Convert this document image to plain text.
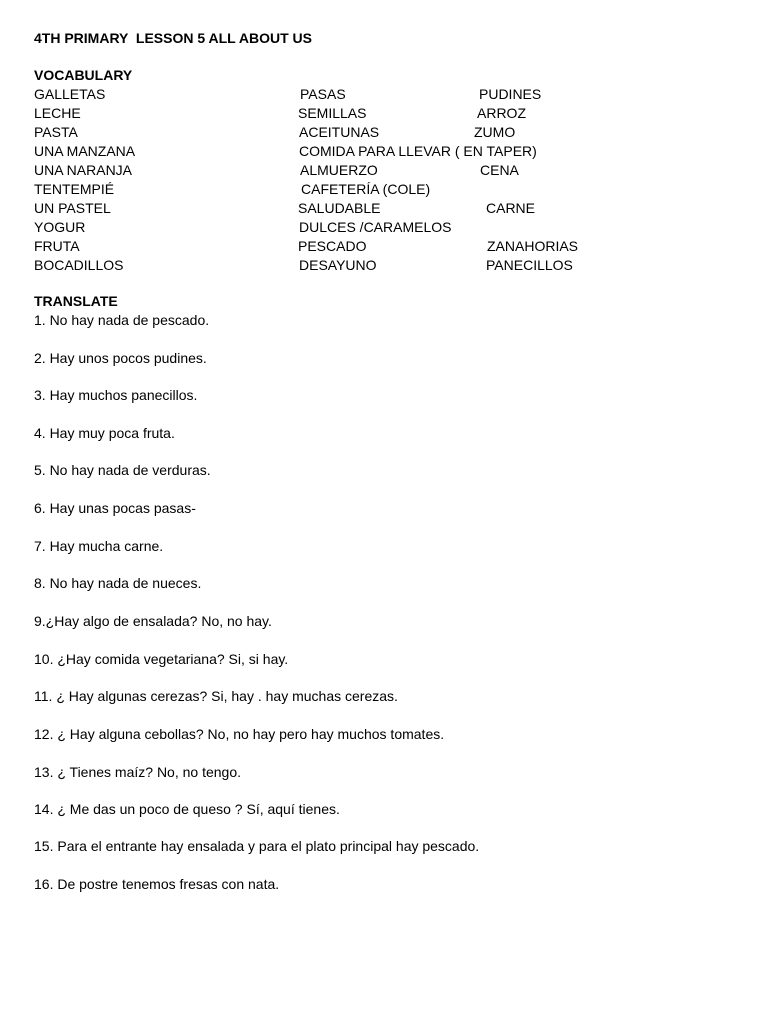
4TH PRIMARY  LESSON 5 ALL ABOUT US
VOCABULARY
GALLETAS	PASAS	PUDINES
LECHE	SEMILLAS	ARROZ
PASTA	ACEITUNAS	ZUMO
UNA MANZANA	COMIDA PARA LLEVAR ( EN TAPER)
UNA NARANJA	ALMUERZO	CENA
TENTEMPIÉ	CAFETERÍA (COLE)
UN PASTEL	SALUDABLE	CARNE
YOGUR	DULCES /CARAMELOS
FRUTA	PESCADO	ZANAHORIAS
BOCADILLOS	DESAYUNO	PANECILLOS
TRANSLATE
1. No hay nada de pescado.
2. Hay unos pocos pudines.
3. Hay muchos panecillos.
4. Hay muy poca fruta.
5. No hay nada de verduras.
6. Hay unas pocas pasas-
7. Hay mucha carne.
8. No hay nada de nueces.
9.¿Hay algo de ensalada? No, no hay.
10. ¿Hay comida vegetariana? Si, si hay.
11. ¿ Hay algunas cerezas? Si, hay . hay muchas cerezas.
12. ¿ Hay alguna cebollas? No, no hay pero hay muchos tomates.
13. ¿ Tienes maíz? No, no tengo.
14. ¿ Me das un poco de queso ? Sí, aquí tienes.
15. Para el entrante hay ensalada y para el plato principal hay pescado.
16. De postre tenemos fresas con nata.
